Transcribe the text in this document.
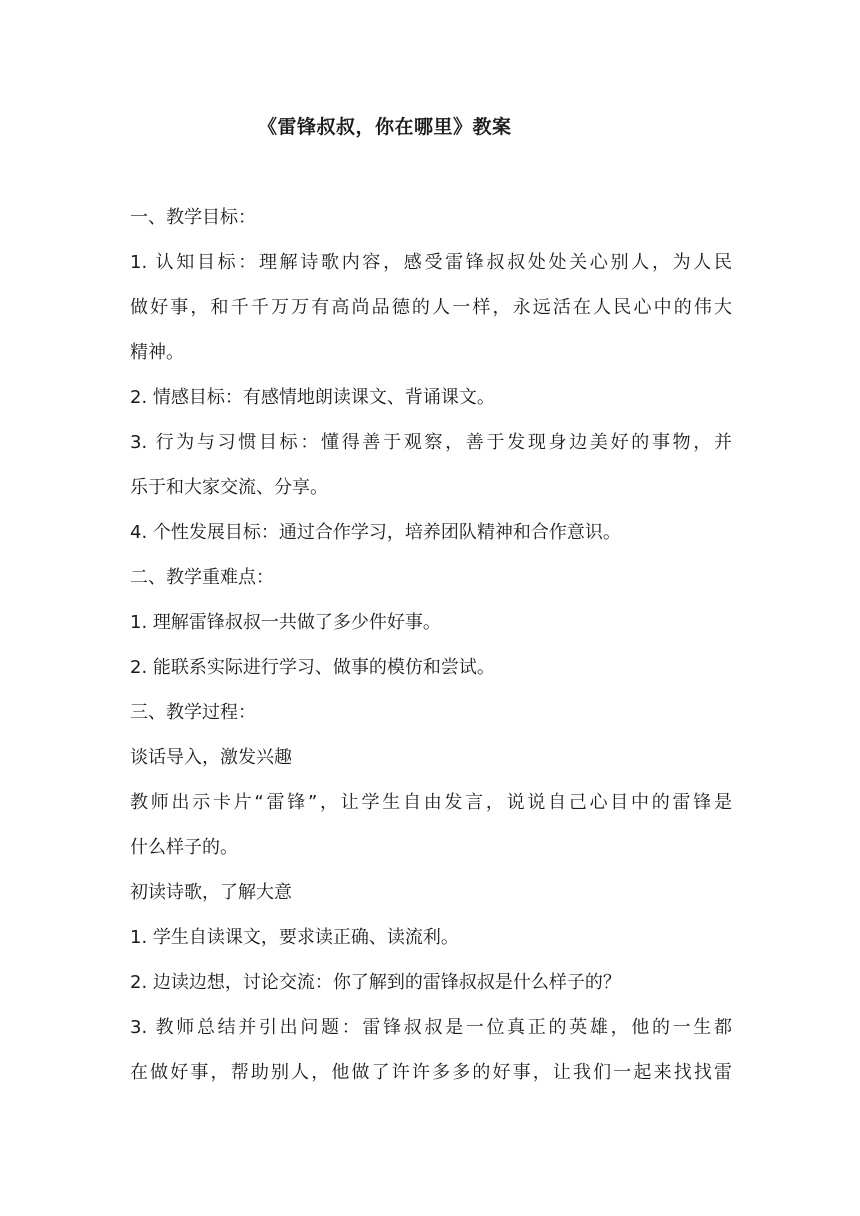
《雷锋叔叔，你在哪里》教案
一、教学目标：
1. 认知目标：理解诗歌内容，感受雷锋叔叔处处关心别人，为人民
做好事，和千千万万有高尚品德的人一样，永远活在人民心中的伟大
精神。
2. 情感目标：有感情地朗读课文、背诵课文。
3. 行为与习惯目标：懂得善于观察，善于发现身边美好的事物，并
乐于和大家交流、分享。
4. 个性发展目标：通过合作学习，培养团队精神和合作意识。
二、教学重难点：
1. 理解雷锋叔叔一共做了多少件好事。
2. 能联系实际进行学习、做事的模仿和尝试。
三、教学过程：
谈话导入，激发兴趣
教师出示卡片“雷锋”，让学生自由发言，说说自己心目中的雷锋是
什么样子的。
初读诗歌，了解大意
1. 学生自读课文，要求读正确、读流利。
2. 边读边想，讨论交流：你了解到的雷锋叔叔是什么样子的？
3. 教师总结并引出问题：雷锋叔叔是一位真正的英雄，他的一生都
在做好事，帮助别人，他做了许许多多的好事，让我们一起来找找雷
